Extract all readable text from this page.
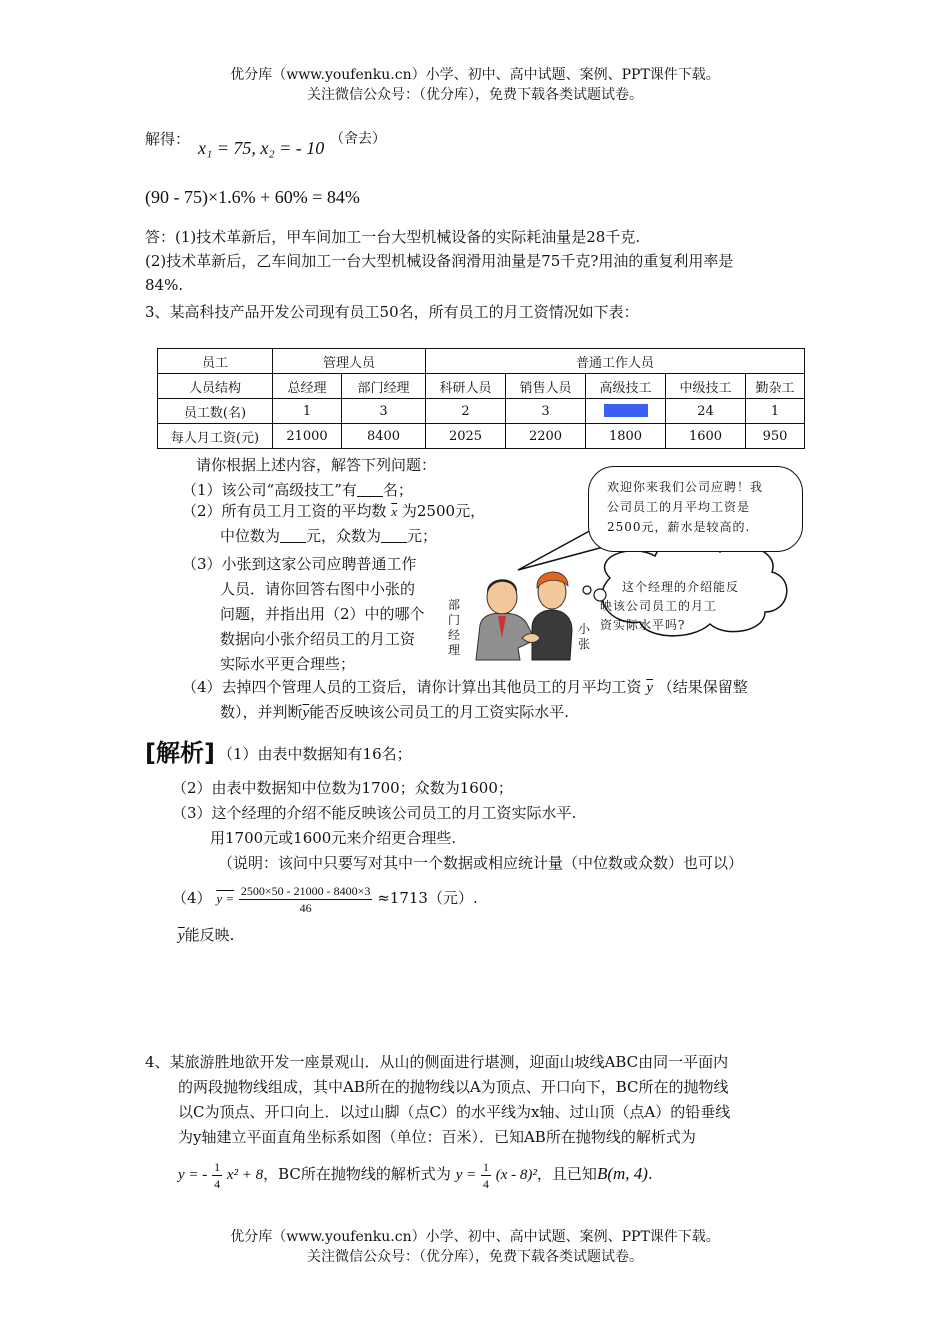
优分库（www.youfenku.cn）小学、初中、高中试题、案例、PPT课件下载。
关注微信公众号：（优分库），免费下载各类试题试卷。
解得： x₁ = 75, x₂ = - 10 （舍去）
(90 - 75)×1.6% + 60% = 84%
答：(1)技术革新后，甲车间加工一台大型机械设备的实际耗油量是28千克.
(2)技术革新后，乙车间加工一台大型机械设备润滑用油量是75千克?用油的重复利用率是
84%.
3、某高科技产品开发公司现有员工50名，所有员工的月工资情况如下表：
员工	管理人员		普通工作人员				
人员结构	总经理	部门经理	科研人员	销售人员	高级技工	中级技工	勤杂工
员工数(名)	1	3	2	3		24	1
每人月工资(元)	21000	8400	2025	2200	1800	1600	950
请你根据上述内容，解答下列问题：
（1）该公司“高级技工”有 名；
（2）所有员工月工资的平均数 $\overline{x}$ 为2500元，
中位数为 元，众数为 元；
（3）小张到这家公司应聘普通工作
人员．请你回答右图中小张的
问题，并指出用（2）中的哪个
数据向小张介绍员工的月工资
实际水平更合理些；
（4）去掉四个管理人员的工资后，请你计算出其他员工的月平均工资 $\overline{y}$ （结果保留整
数），并判断$\overline{y}$能否反映该公司员工的月工资实际水平.
欢迎你来我们公司应聘！我
公司员工的月平均工资是
2500元，薪水是较高的.
这个经理的介绍能反
映该公司员工的月工
资实际水平吗?
部门经理
小张
[解析] （1）由表中数据知有16名；
（2）由表中数据知中位数为1700；众数为1600；
（3）这个经理的介绍不能反映该公司员工的月工资实际水平.
用1700元或1600元来介绍更合理些.
（说明：该问中只要写对其中一个数据或相应统计量（中位数或众数）也可以）
（4） $y = \frac{2500\times 50 - 21000 - 8400\times 3}{46} \approx 1713$（元）.
$\overline{y}$能反映.
4、某旅游胜地欲开发一座景观山．从山的侧面进行堪测，迎面山坡线ABC由同一平面内
的两段抛物线组成，其中AB所在的抛物线以A为顶点、开口向下，BC所在的抛物线
以C为顶点、开口向上．以过山脚（点C）的水平线为x轴、过山顶（点A）的铅垂线
为y轴建立平面直角坐标系如图（单位：百米）．已知AB所在抛物线的解析式为
y = - $\frac{1}{4} x^2 + 8$，BC所在抛物线的解析式为 $y = \frac{1}{4} (x - 8)^2$，且已知B(m, 4).
优分库（www.youfenku.cn）小学、初中、高中试题、案例、PPT课件下载。
关注微信公众号：（优分库），免费下载各类试题试卷。
